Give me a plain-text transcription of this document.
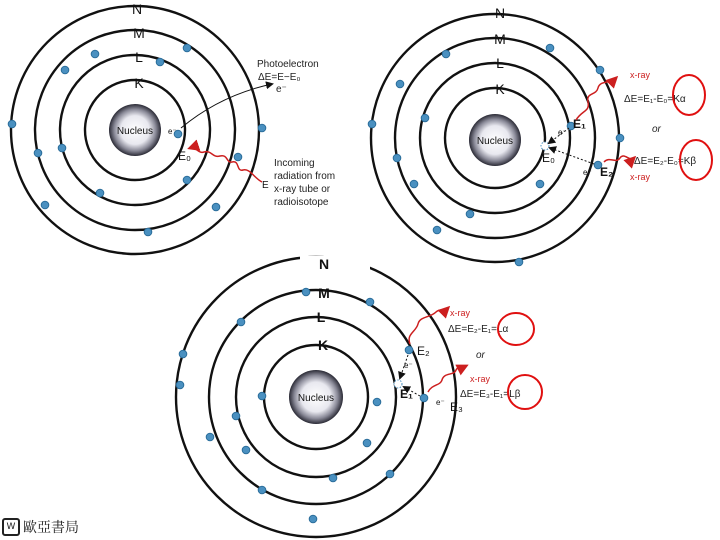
Nucleus
N
M
L
K
e⁻
E₀
Photoelectron
ΔE=E−E₀
e⁻
E
Incoming
radiation from
x-ray tube or
radioisotope
Nucleus
N
M
L
K
e⁻
e⁻
E₁
E₀
E₂
x-ray
x-ray
ΔE=E₁-E₀=Kα
or
ΔE=E₂-E₀=Kβ
Nucleus
N
M
L
K
e⁻
e⁻
E₂
E₁
E₃
x-ray
x-ray
ΔE=E₂-E₁=Lα
or
ΔE=E₃-E₁=Lβ
W 歐亞書局
